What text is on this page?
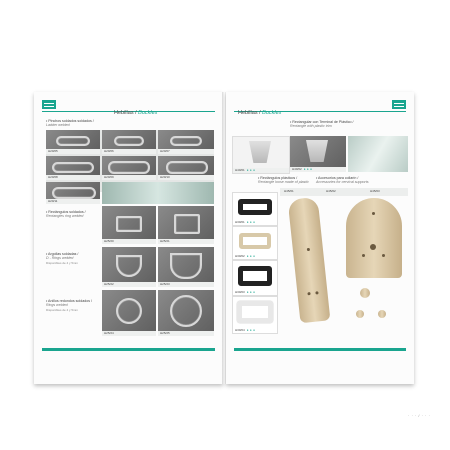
Hebillas / Buckles
• Pinchos soldados soldados /
Ladder welded
H20/05	H20/06	H20/07
H20/08	H20/09	H20/10
H20/11
• Rectángulos soldados /
Rectangles ring welded
H25/20	H25/21
• Argollas soldadas /
D - Rings welded
Disponibles de 4 y 5mm
H25/22	H25/23
• Anillos redondos soldados /
Rings welded
Disponibles de 4 y 5mm
H25/24	H25/25
Hebillas / Buckles
H40/01 ● ● ●	H40/02 ● ● ●
• Rectangular con Terminal de Plástico /
Rectangle with plastic trim
• Rectángulos plásticos /
Rectangle loose made of plastic
H30/01 ● ● ●
H30/02 ● ● ●
H30/03 ● ● ●
H30/04 ● ● ●
• Accesorios para collarín /
Accessories for cervical supports
H45/01	H45/02	H45/03
· · · / · · ·
